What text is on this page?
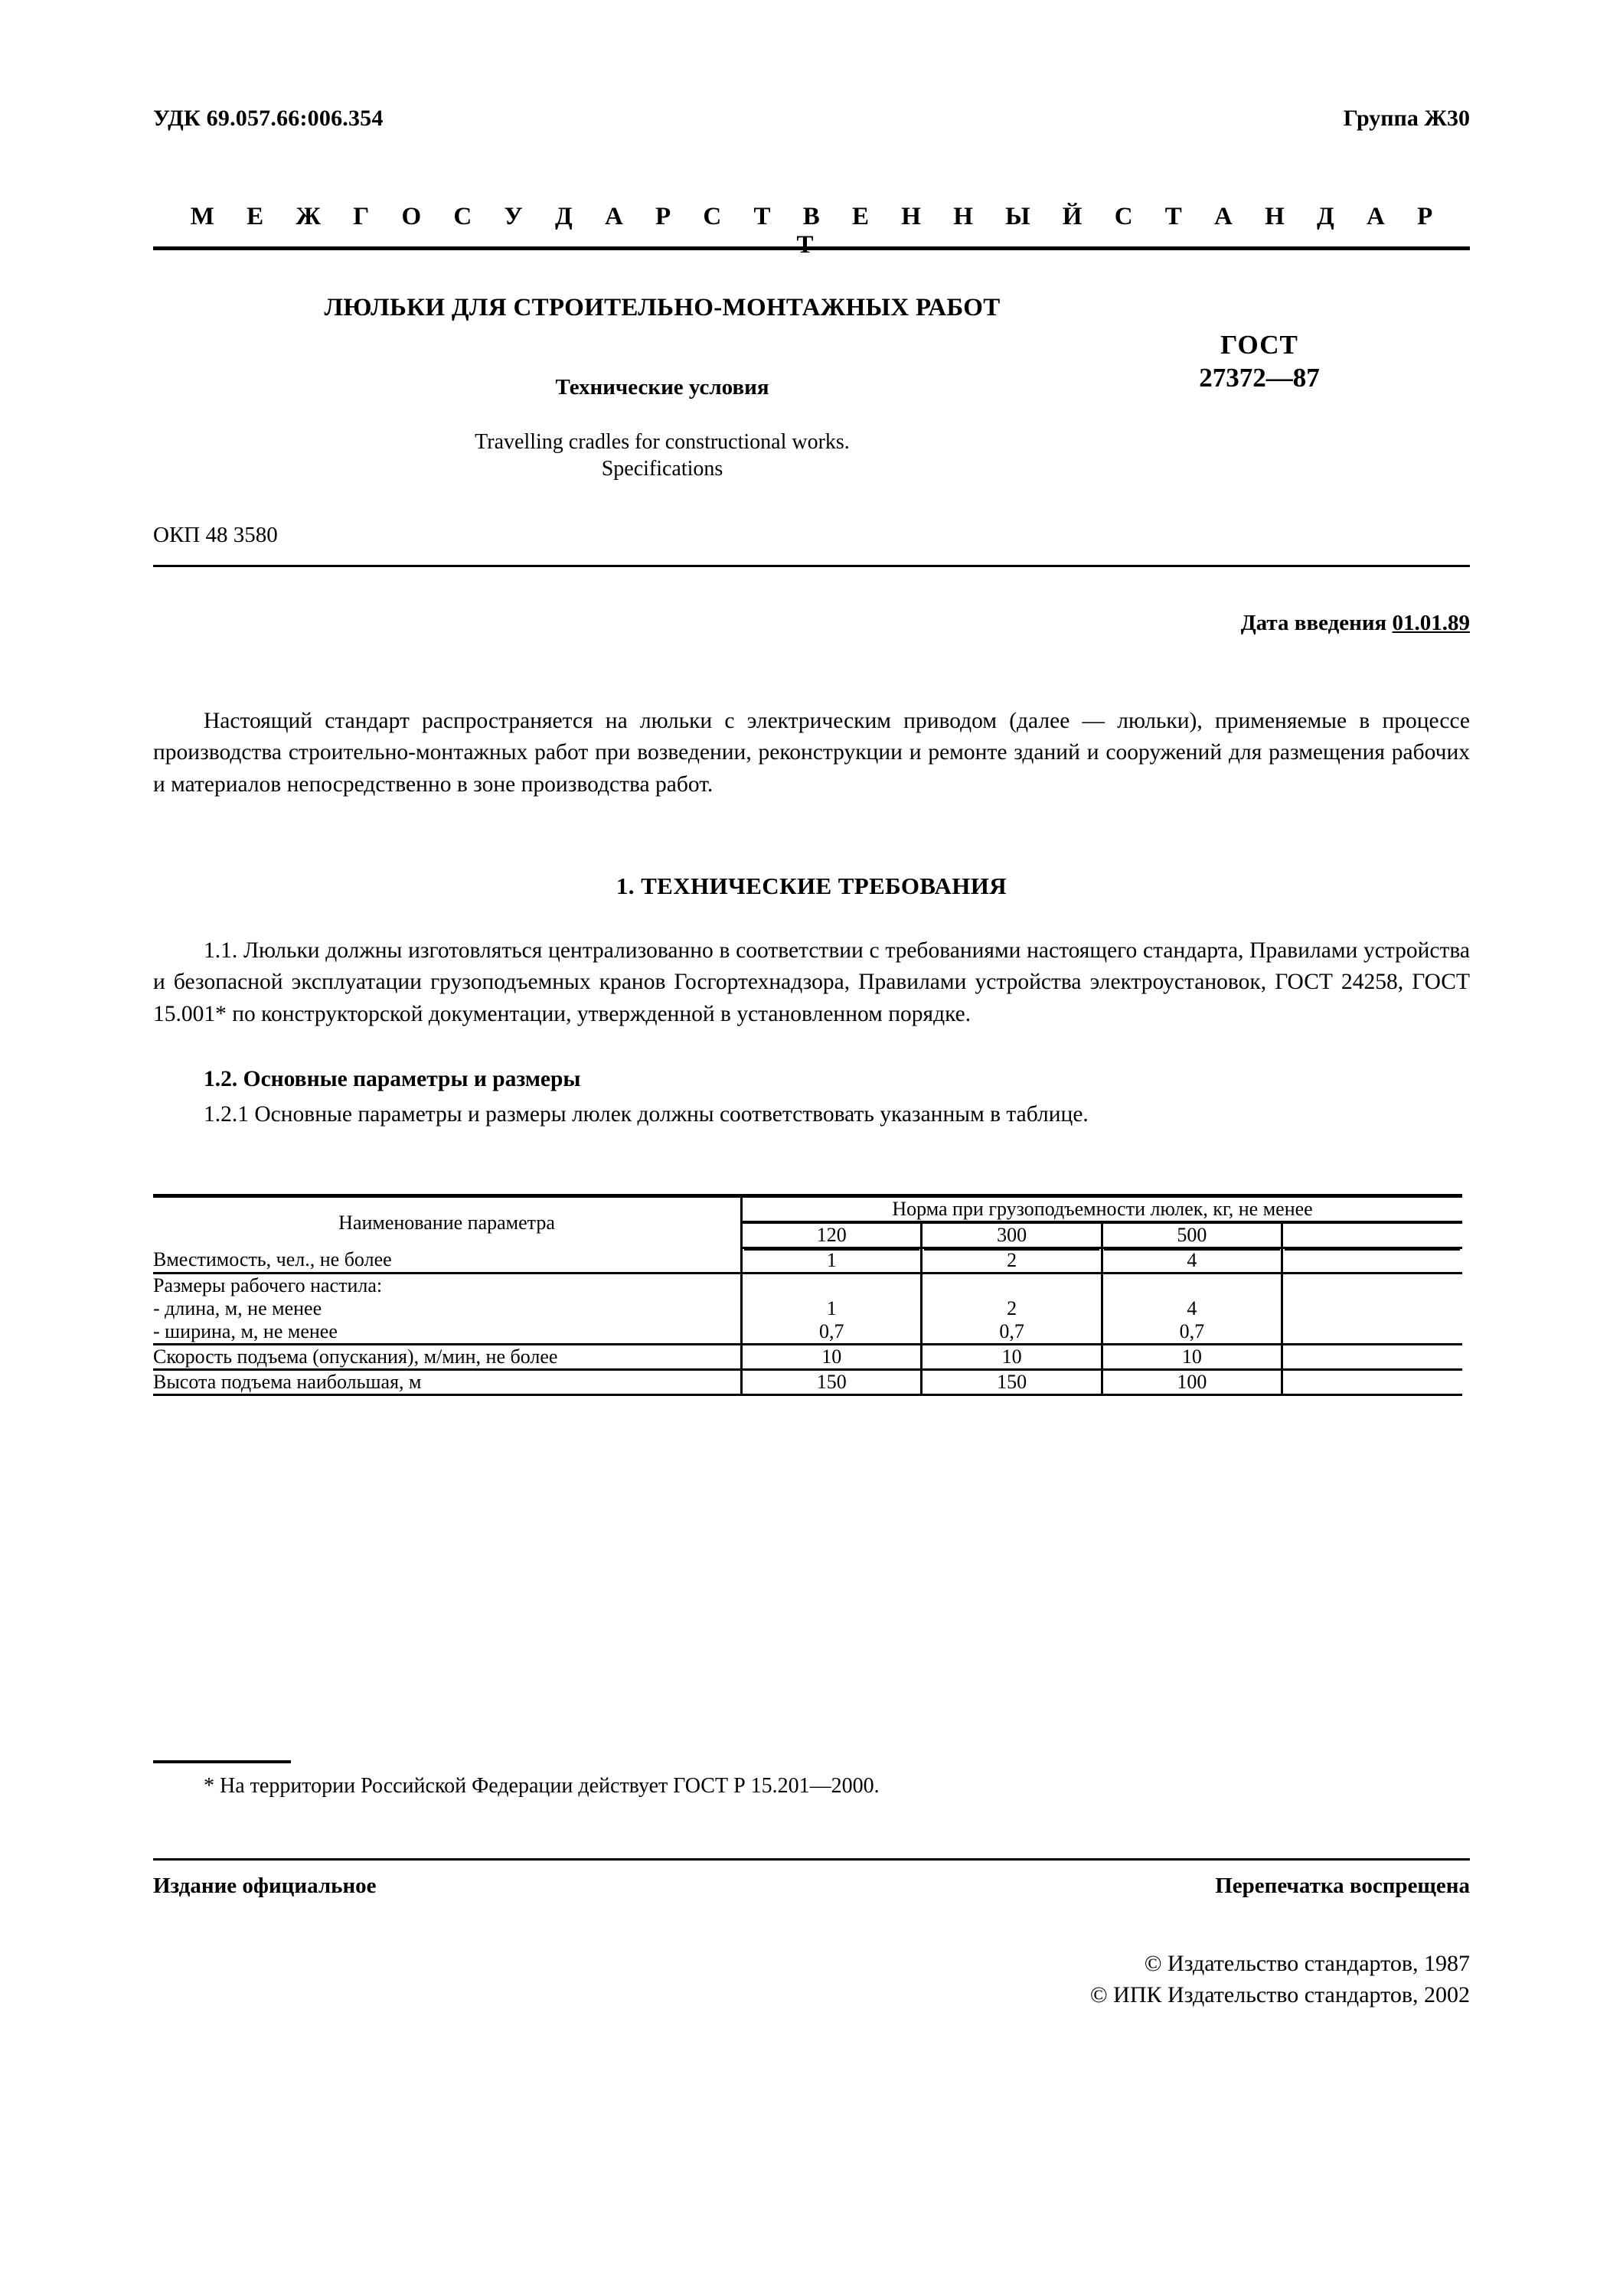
УДК 69.057.66:006.354	Группа Ж30
М Е Ж Г О С У Д А Р С Т В Е Н Н Ы Й С Т А Н Д А Р Т
ЛЮЛЬКИ ДЛЯ СТРОИТЕЛЬНО-МОНТАЖНЫХ РАБОТ
Технические условия
Travelling cradles for constructional works.
Specifications
ГОСТ
27372—87
ОКП 48 3580
Дата введения 01.01.89

Настоящий стандарт распространяется на люльки с электрическим приводом (далее — люльки), применяемые в процессе производства строительно-монтажных работ при возведении, реконструкции и ремонте зданий и сооружений для размещения рабочих и материалов непосредственно в зоне производства работ.

1. ТЕХНИЧЕСКИЕ ТРЕБОВАНИЯ

1.1. Люльки должны изготовляться централизованно в соответствии с требованиями настоящего стандарта, Правилами устройства и безопасной эксплуатации грузоподъемных кранов Госгортехнадзора, Правилами устройства электроустановок, ГОСТ 24258, ГОСТ 15.001* по конструкторской документации, утвержденной в установленном порядке.

1.2. Основные параметры и размеры
1.2.1 Основные параметры и размеры люлек должны соответствовать указанным в таблице.
Наименование параметра	Норма при грузоподъемности люлек, кг, не менее			
	120	300	500	
Вместимость, чел., не более	1	2	4	
Размеры рабочего настила:				
- длина, м, не менее	1	2	4	
- ширина, м, не менее	0,7	0,7	0,7	
Скорость подъема (опускания), м/мин, не более	10	10	10	
Высота подъема наибольшая, м	150	150	100	
* На территории Российской Федерации действует ГОСТ Р 15.201—2000.
Издание официальное	Перепечатка воспрещена
© Издательство стандартов, 1987
© ИПК Издательство стандартов, 2002
